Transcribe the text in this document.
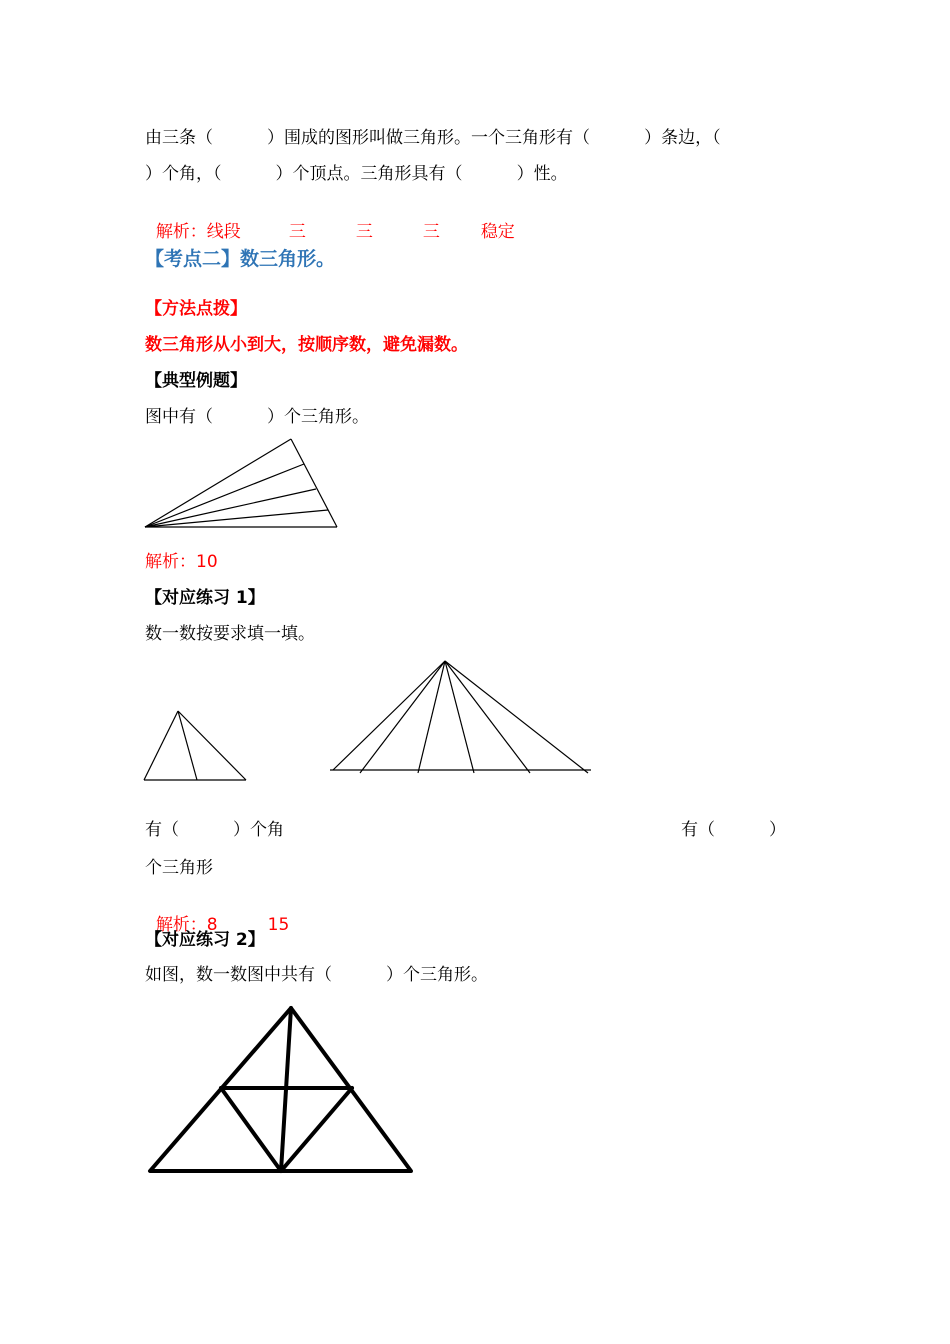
由三条（          ）围成的图形叫做三角形。一个三角形有（          ）条边，（
）个角，（          ）个顶点。三角形具有（          ）性。

解析：线段	三	三	三 稳定

【考点二】数三角形。
【方法点拨】
数三角形从小到大，按顺序数，避免漏数。
【典型例题】
图中有（          ）个三角形。
解析：10
【对应练习 1】
数一数按要求填一填。
有（          ）个角	有（          ）
个三角形

解析：8	15

【对应练习 2】
如图，数一数图中共有（          ）个三角形。
